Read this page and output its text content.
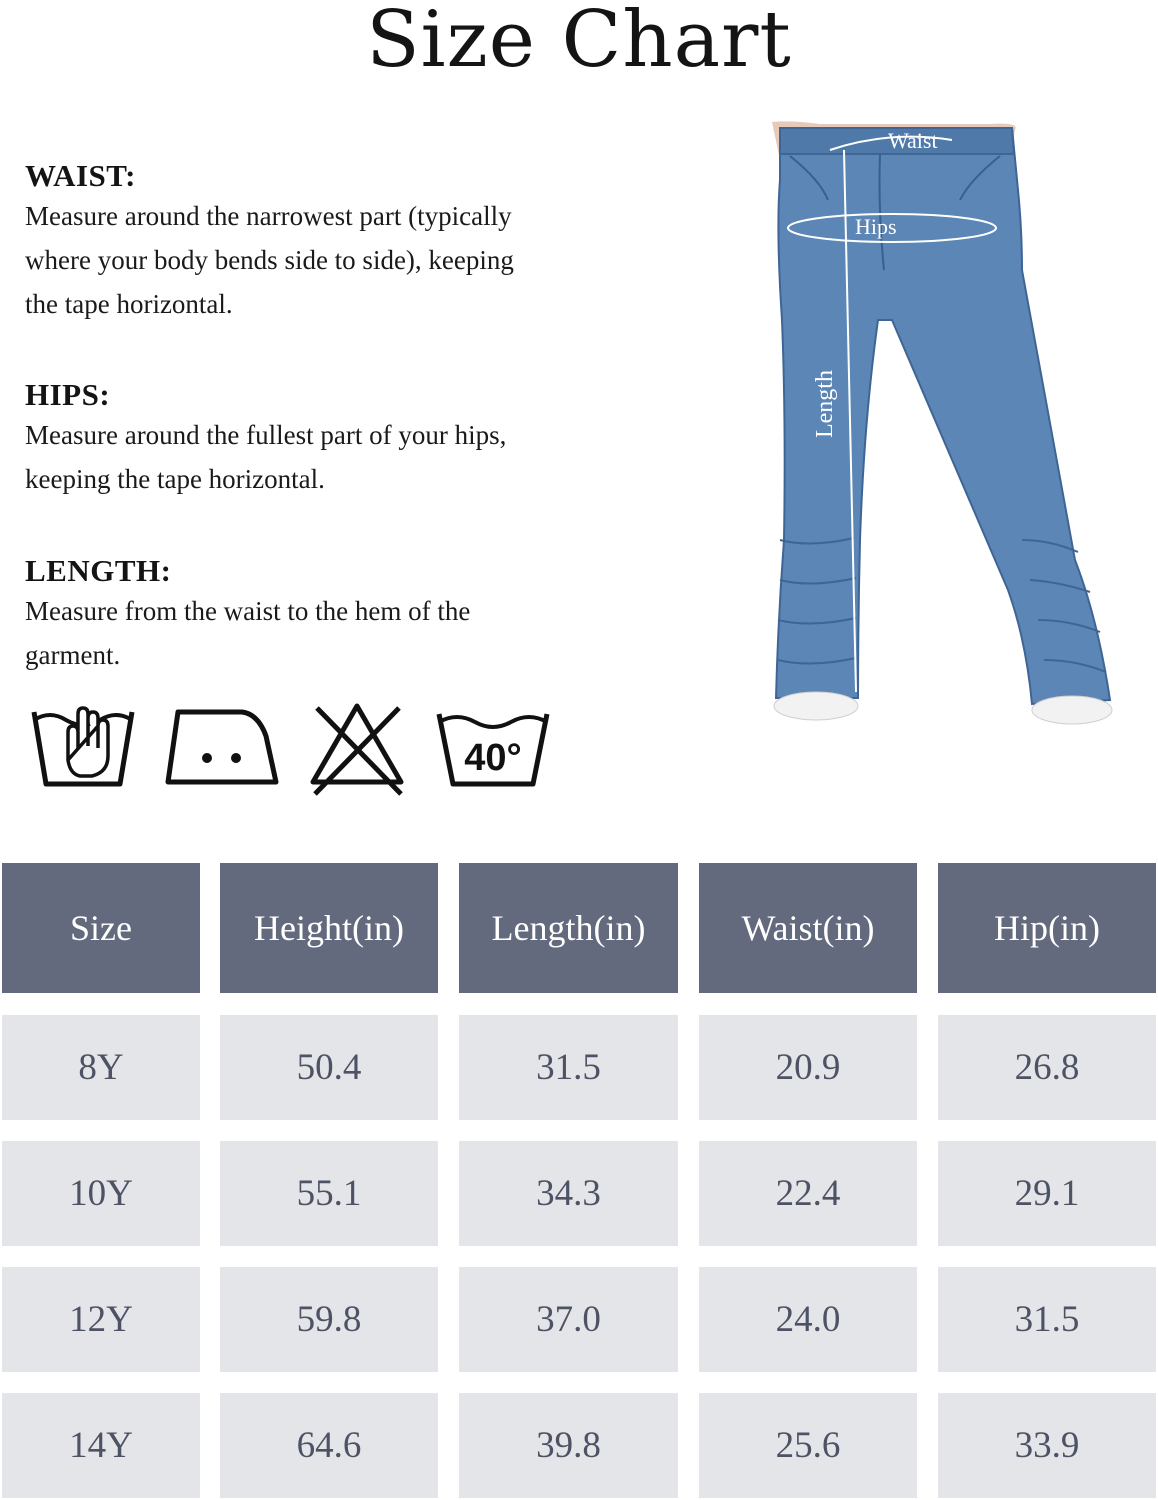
Size Chart
WAIST:
Measure around the narrowest part (typically
where your body bends side to side), keeping
the tape horizontal.
HIPS:
Measure around the fullest part of your hips,
keeping the tape horizontal.
LENGTH:
Measure from the waist to the hem of the
garment.
40°
Waist
Hips
Length
Size	Height(in)	Length(in)	Waist(in)	Hip(in)
8Y	50.4	31.5	20.9	26.8
10Y	55.1	34.3	22.4	29.1
12Y	59.8	37.0	24.0	31.5
14Y	64.6	39.8	25.6	33.9
